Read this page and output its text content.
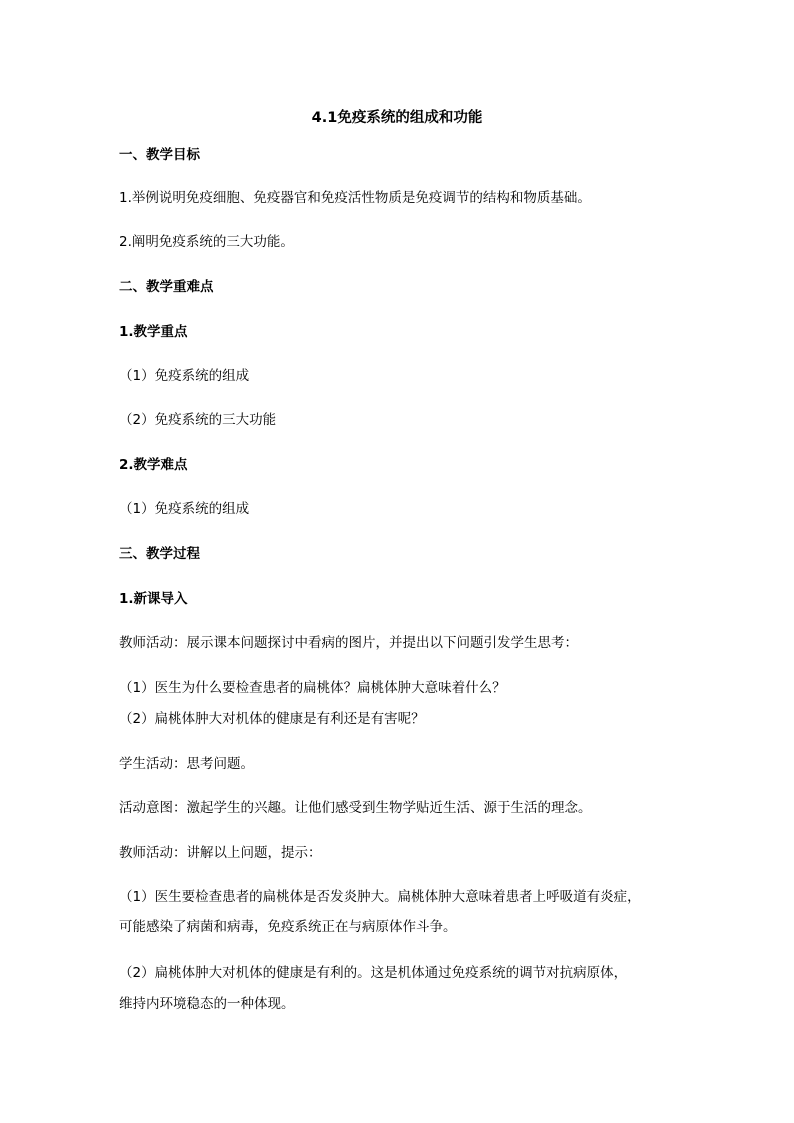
4.1免疫系统的组成和功能
一、教学目标
1.举例说明免疫细胞、免疫器官和免疫活性物质是免疫调节的结构和物质基础。
2.阐明免疫系统的三大功能。
二、教学重难点
1.教学重点
（1）免疫系统的组成
（2）免疫系统的三大功能
2.教学难点
（1）免疫系统的组成
三、教学过程
1.新课导入
教师活动：展示课本问题探讨中看病的图片，并提出以下问题引发学生思考：
（1）医生为什么要检查患者的扁桃体？扁桃体肿大意味着什么？
（2）扁桃体肿大对机体的健康是有利还是有害呢？
学生活动：思考问题。
活动意图：激起学生的兴趣。让他们感受到生物学贴近生活、源于生活的理念。
教师活动：讲解以上问题，提示：
（1）医生要检查患者的扁桃体是否发炎肿大。扁桃体肿大意味着患者上呼吸道有炎症，
可能感染了病菌和病毒，免疫系统正在与病原体作斗争。
（2）扁桃体肿大对机体的健康是有利的。这是机体通过免疫系统的调节对抗病原体，
维持内环境稳态的一种体现。
